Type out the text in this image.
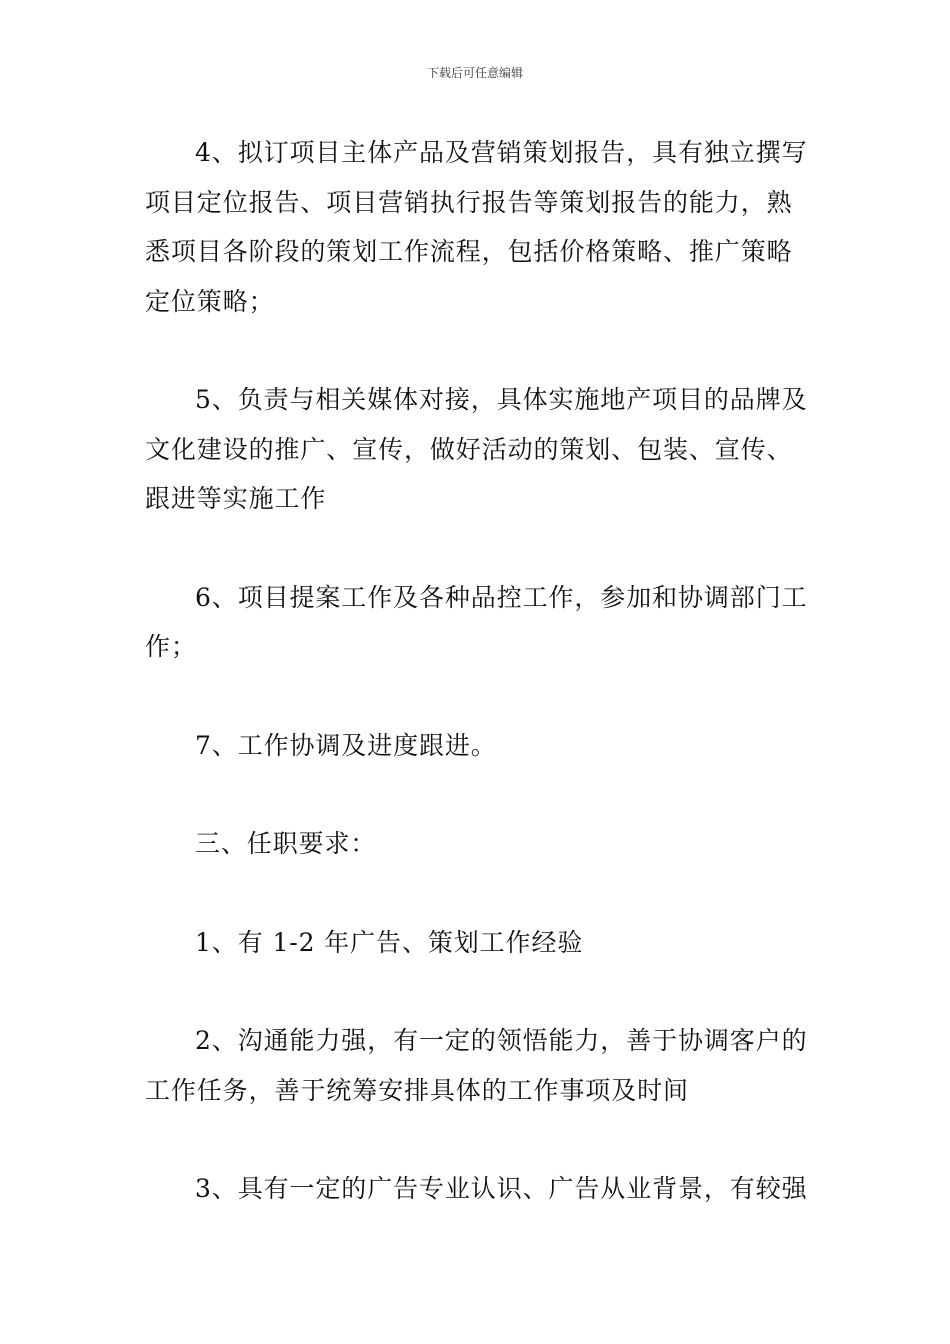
下载后可任意编辑

4、拟订项目主体产品及营销策划报告，具有独立撰写项目定位报告、项目营销执行报告等策划报告的能力，熟悉项目各阶段的策划工作流程，包括价格策略、推广策略定位策略；

5、负责与相关媒体对接，具体实施地产项目的品牌及文化建设的推广、宣传，做好活动的策划、包装、宣传、跟进等实施工作

6、项目提案工作及各种品控工作，参加和协调部门工作；

7、工作协调及进度跟进。

三、任职要求：

1、有 1-2 年广告、策划工作经验

2、沟通能力强，有一定的领悟能力，善于协调客户的工作任务，善于统筹安排具体的工作事项及时间

3、具有一定的广告专业认识、广告从业背景，有较强
